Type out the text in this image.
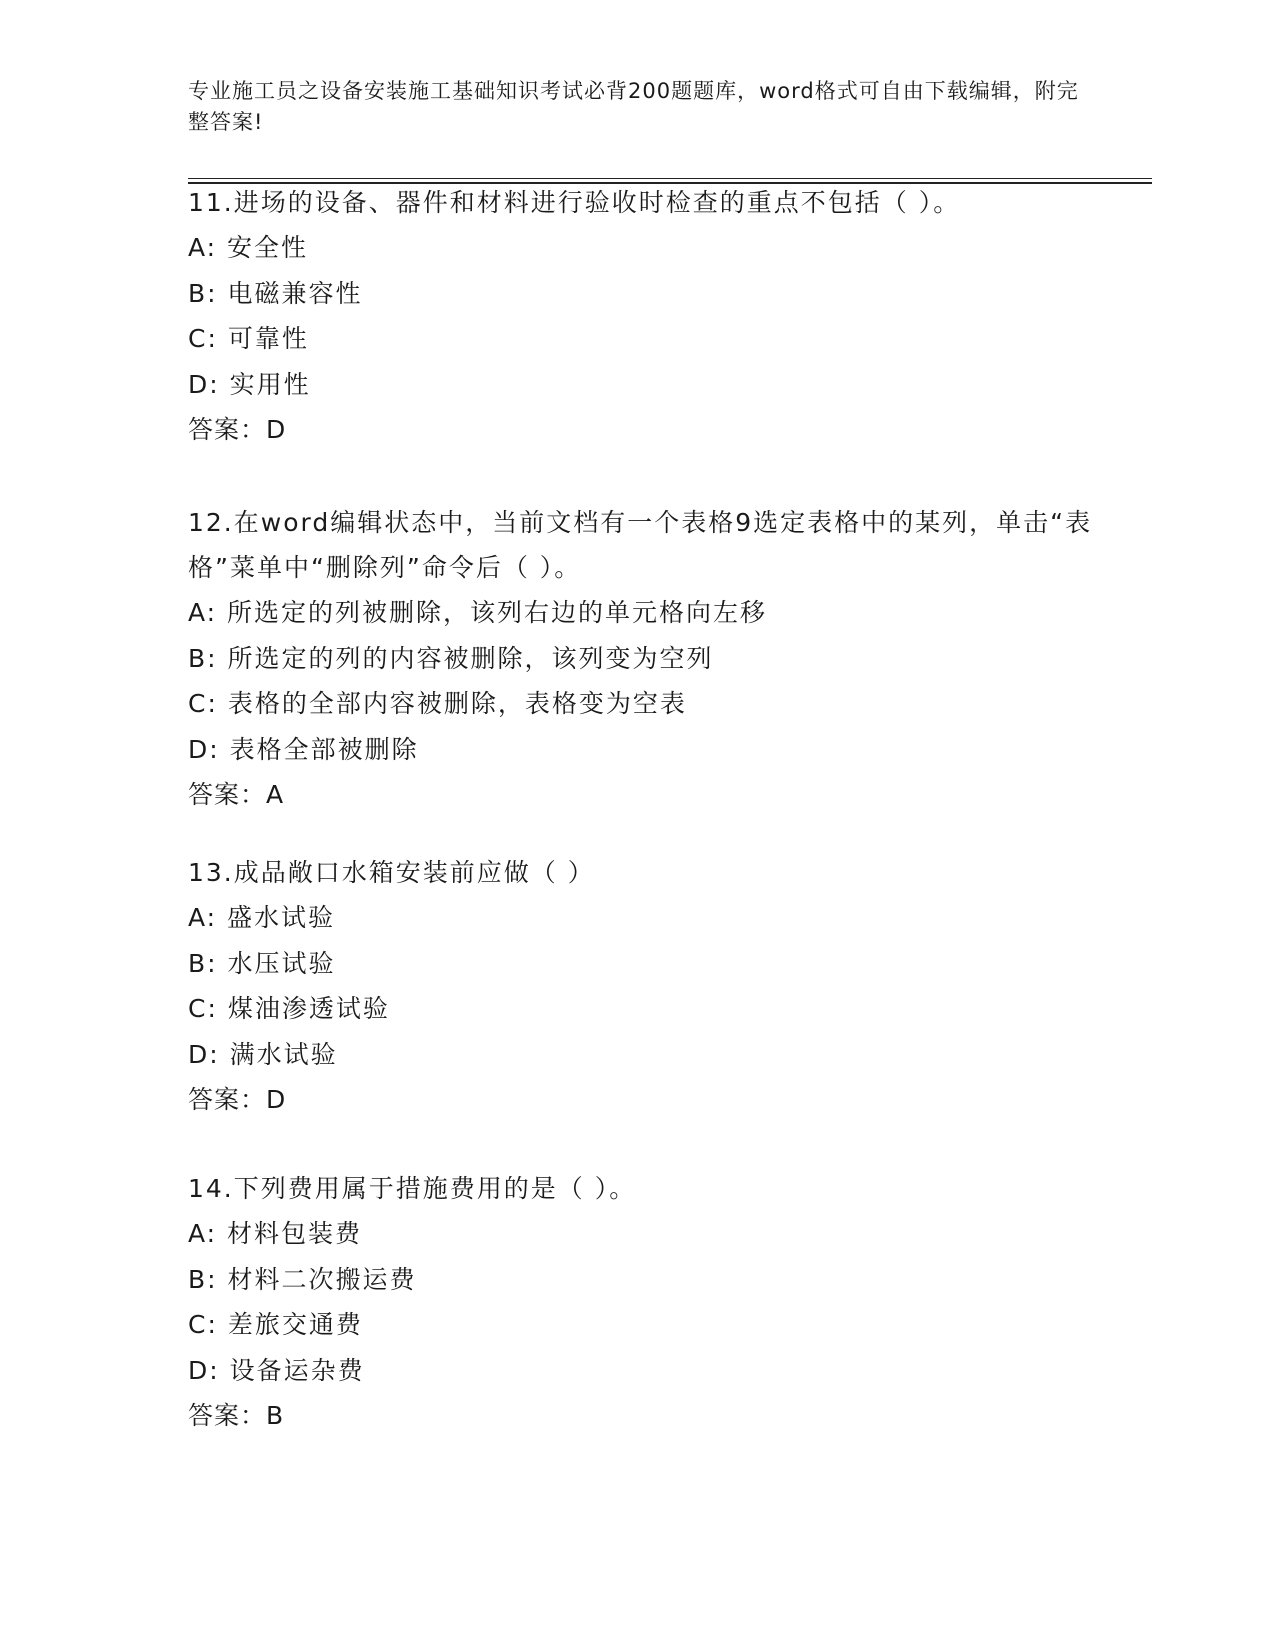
专业施工员之设备安装施工基础知识考试必背200题题库，word格式可自由下载编辑，附完整答案!

11.进场的设备、器件和材料进行验收时检查的重点不包括（ ）。

A: 安全性

B: 电磁兼容性

C: 可靠性

D: 实用性

答案：D

12.在word编辑状态中，当前文档有一个表格9选定表格中的某列，单击“表格”菜单中“删除列”命令后（ ）。

A: 所选定的列被删除，该列右边的单元格向左移

B: 所选定的列的内容被删除，该列变为空列

C: 表格的全部内容被删除，表格变为空表

D: 表格全部被删除

答案：A

13.成品敞口水箱安装前应做（ ）

A: 盛水试验

B: 水压试验

C: 煤油渗透试验

D: 满水试验

答案：D

14.下列费用属于措施费用的是（ ）。

A: 材料包装费

B: 材料二次搬运费

C: 差旅交通费

D: 设备运杂费

答案：B
